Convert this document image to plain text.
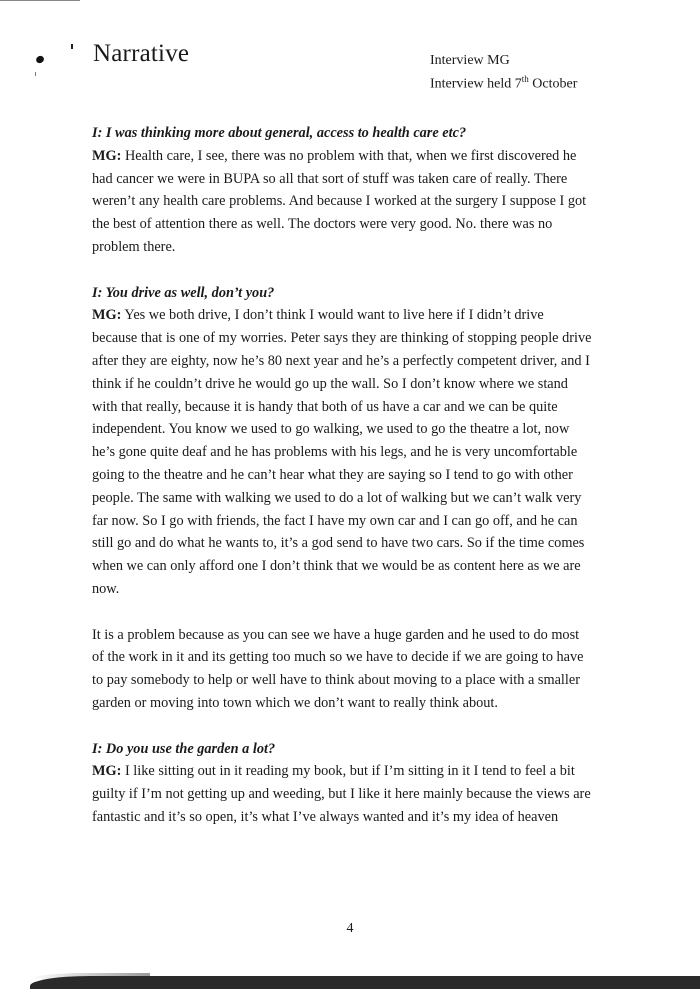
Narrative	Interview MG
Interview held 7th October

I: I was thinking more about general, access to health care etc?

MG: Health care, I see, there was no problem with that, when we first discovered he had cancer we were in BUPA so all that sort of stuff was taken care of really. There weren’t any health care problems. And because I worked at the surgery I suppose I got the best of attention there as well. The doctors were very good. No. there was no problem there.

I: You drive as well, don’t you?

MG: Yes we both drive, I don’t think I would want to live here if I didn’t drive because that is one of my worries. Peter says they are thinking of stopping people drive after they are eighty, now he’s 80 next year and he’s a perfectly competent driver, and I think if he couldn’t drive he would go up the wall. So I don’t know where we stand with that really, because it is handy that both of us have a car and we can be quite independent. You know we used to go walking, we used to go the theatre a lot, now he’s gone quite deaf and he has problems with his legs, and he is very uncomfortable going to the theatre and he can’t hear what they are saying so I tend to go with other people. The same with walking we used to do a lot of walking but we can’t walk very far now. So I go with friends, the fact I have my own car and I can go off, and he can still go and do what he wants to, it’s a god send to have two cars. So if the time comes when we can only afford one I don’t think that we would be as content here as we are now.

It is a problem because as you can see we have a huge garden and he used to do most of the work in it and its getting too much so we have to decide if we are going to have to pay somebody to help or well have to think about moving to a place with a smaller garden or moving into town which we don’t want to really think about.

I: Do you use the garden a lot?

MG: I like sitting out in it reading my book, but if I’m sitting in it I tend to feel a bit guilty if I’m not getting up and weeding, but I like it here mainly because the views are fantastic and it’s so open, it’s what I’ve always wanted and it’s my idea of heaven

4
